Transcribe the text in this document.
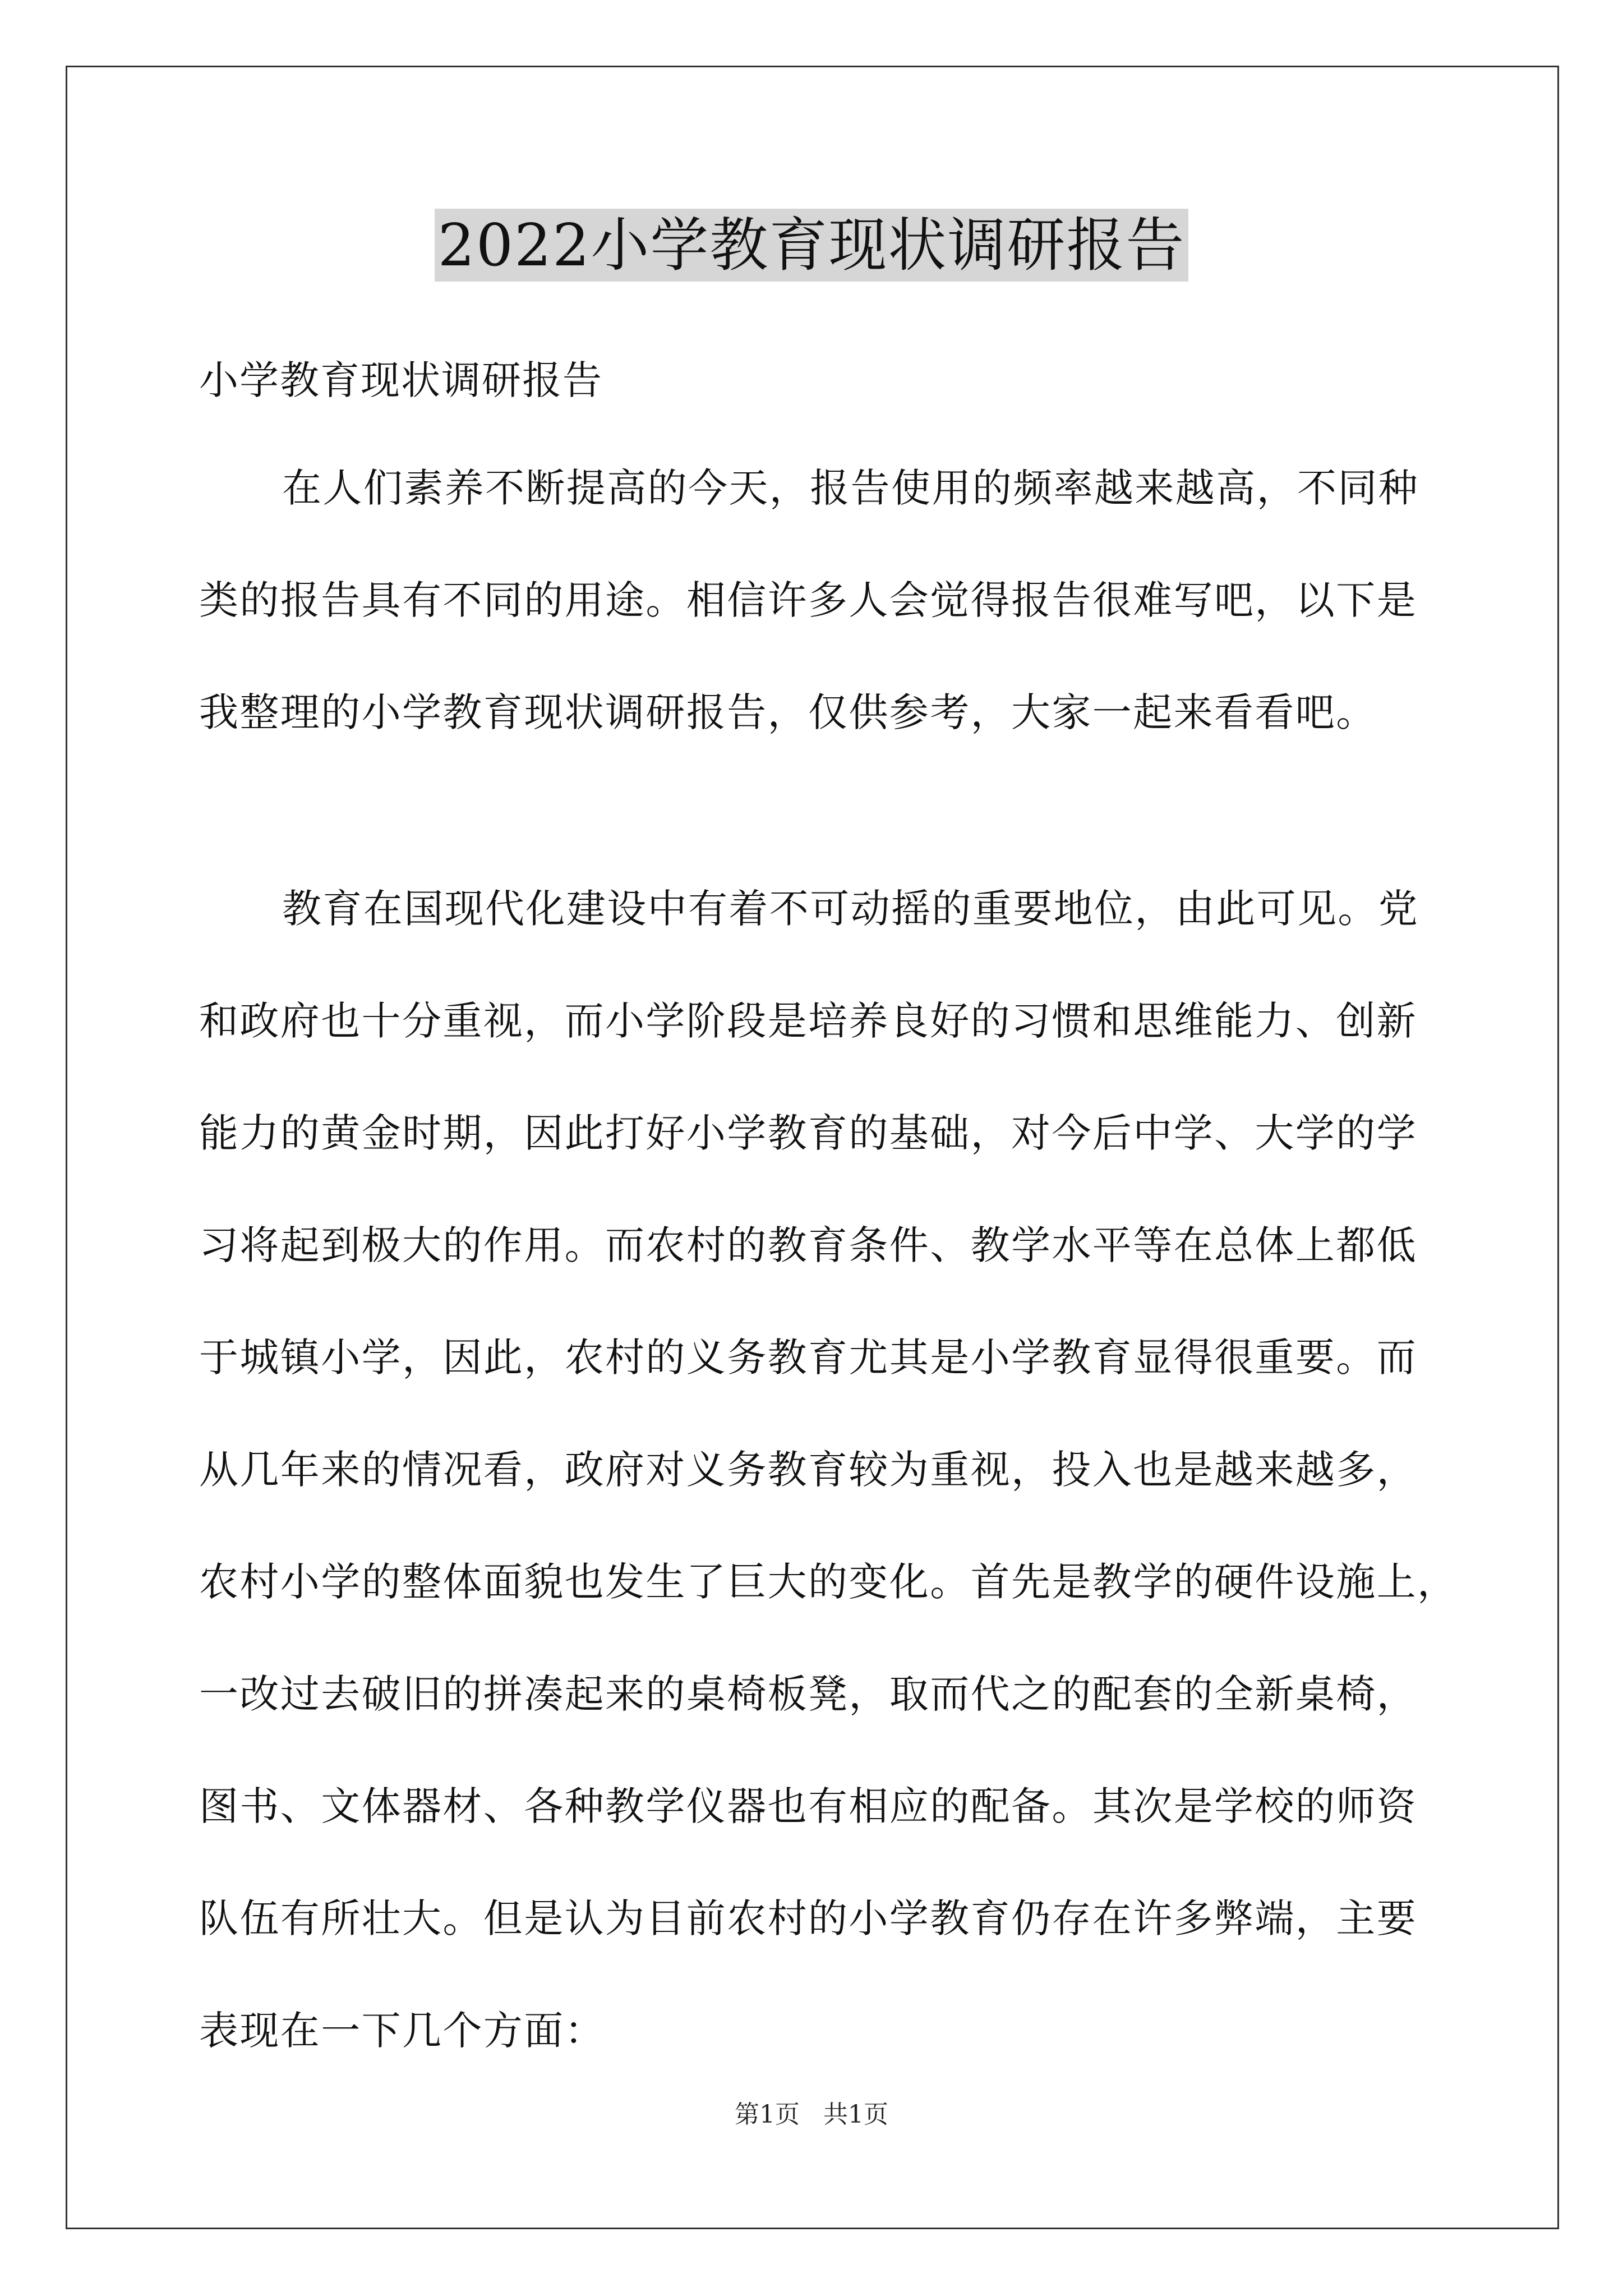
2022小学教育现状调研报告
小学教育现状调研报告
在人们素养不断提高的今天，报告使用的频率越来越高，不同种
类的报告具有不同的用途。相信许多人会觉得报告很难写吧，以下是
我整理的小学教育现状调研报告，仅供参考，大家一起来看看吧。
教育在国现代化建设中有着不可动摇的重要地位，由此可见。党
和政府也十分重视，而小学阶段是培养良好的习惯和思维能力、创新
能力的黄金时期，因此打好小学教育的基础，对今后中学、大学的学
习将起到极大的作用。而农村的教育条件、教学水平等在总体上都低
于城镇小学，因此，农村的义务教育尤其是小学教育显得很重要。而
从几年来的情况看，政府对义务教育较为重视，投入也是越来越多，
农村小学的整体面貌也发生了巨大的变化。首先是教学的硬件设施上，
一改过去破旧的拼凑起来的桌椅板凳，取而代之的配套的全新桌椅，
图书、文体器材、各种教学仪器也有相应的配备。其次是学校的师资
队伍有所壮大。但是认为目前农村的小学教育仍存在许多弊端，主要
表现在一下几个方面：
第1页 共1页
